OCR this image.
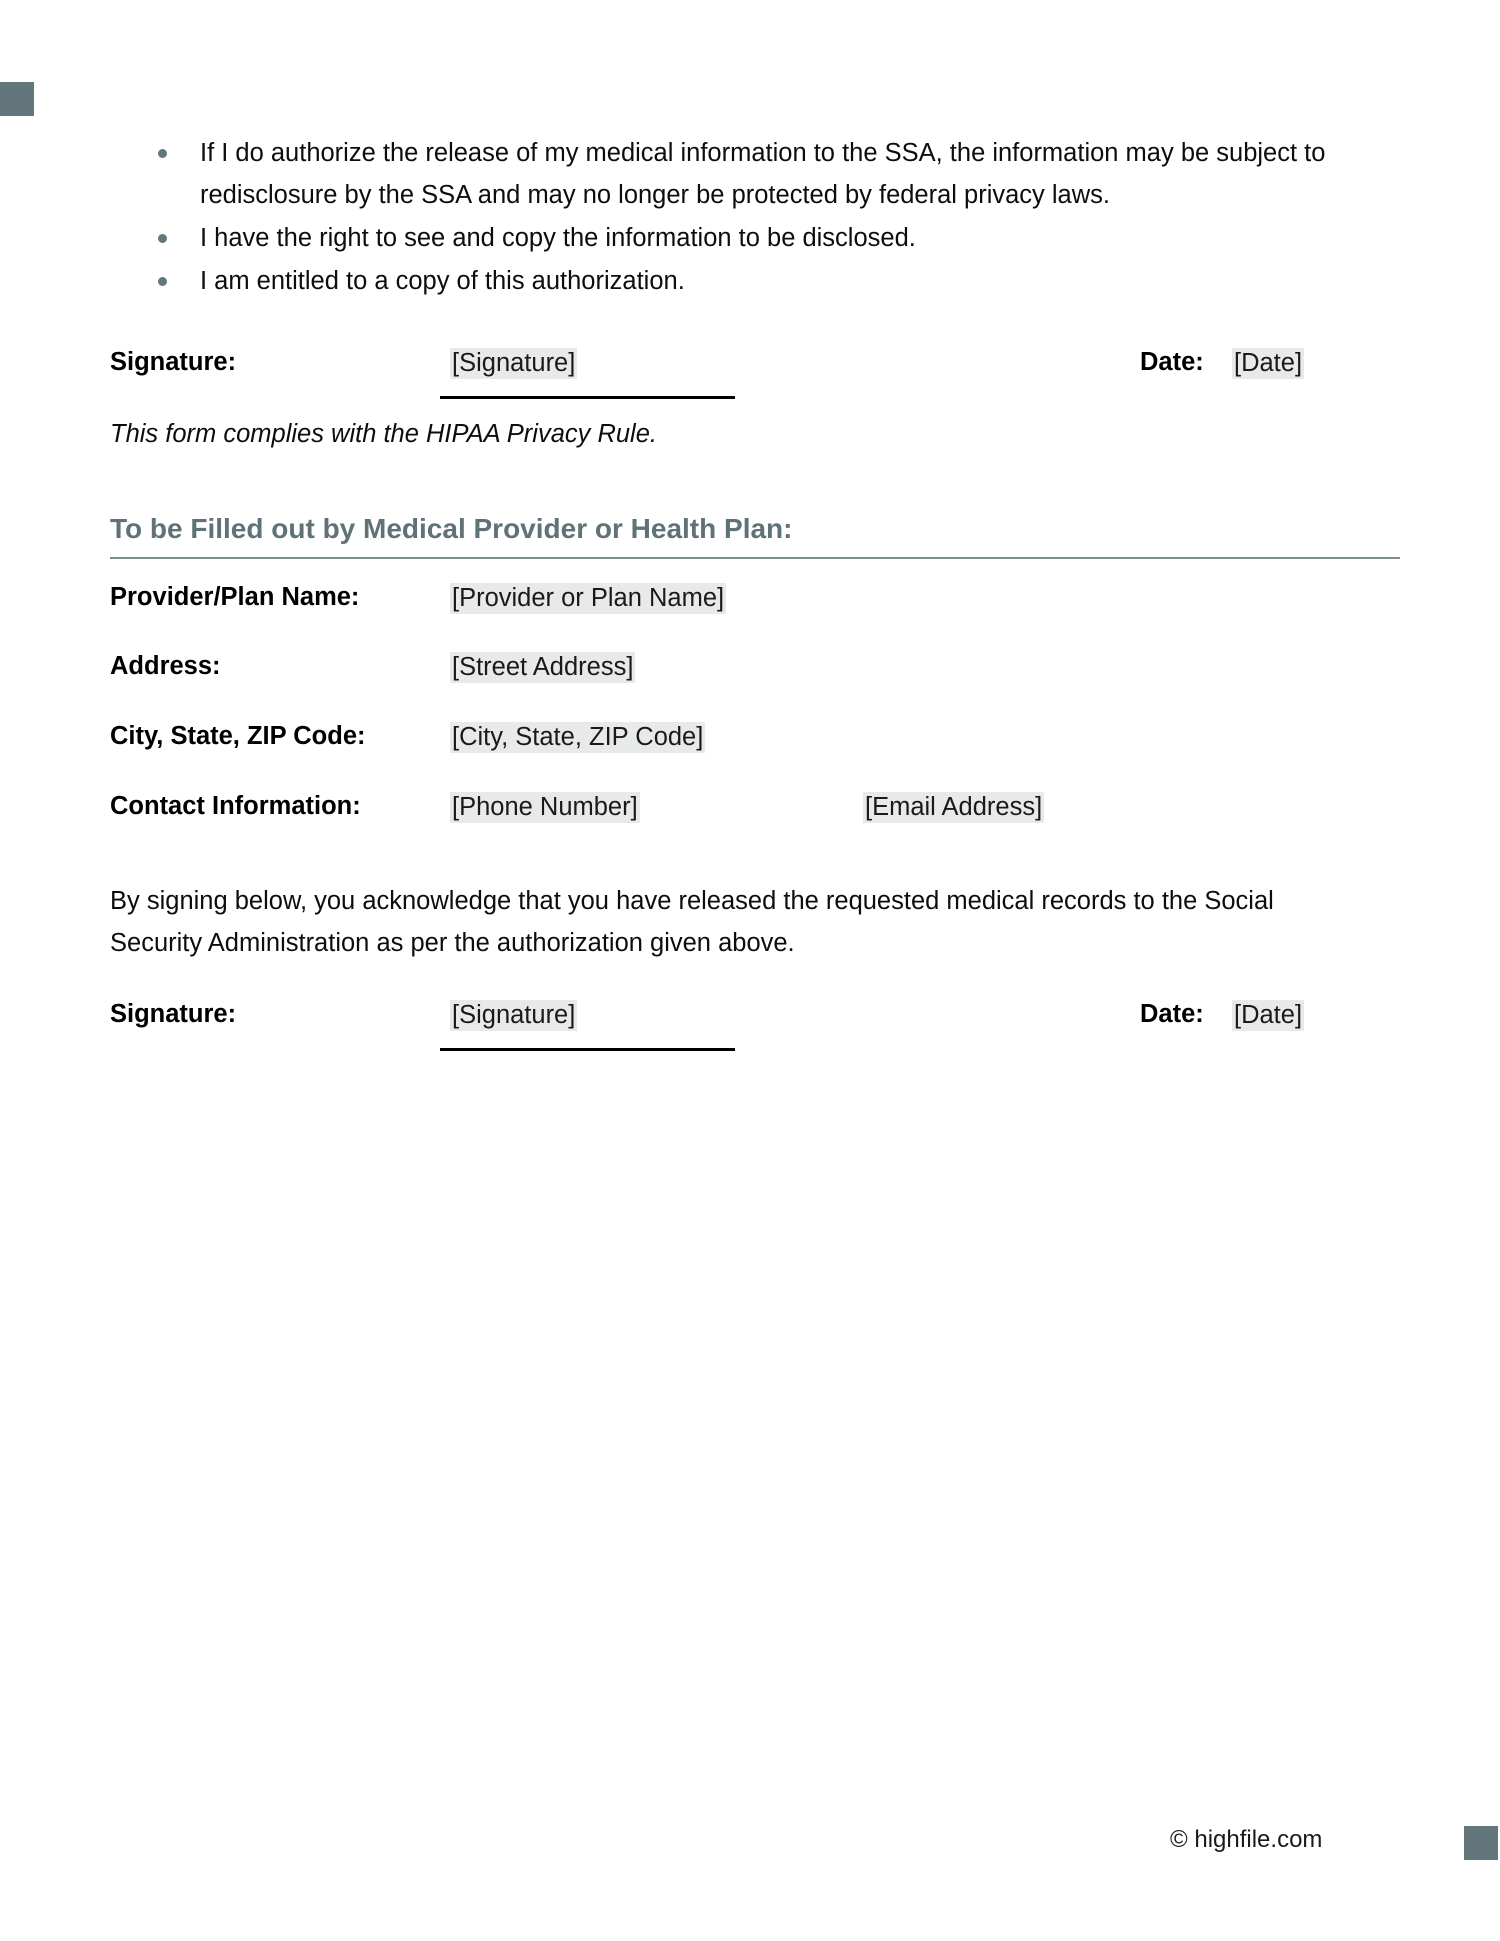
If I do authorize the release of my medical information to the SSA, the information may be subject to redisclosure by the SSA and may no longer be protected by federal privacy laws.
I have the right to see and copy the information to be disclosed.
I am entitled to a copy of this authorization.
Signature:	[Signature]	Date: [Date]
This form complies with the HIPAA Privacy Rule.
To be Filled out by Medical Provider or Health Plan:
Provider/Plan Name:	[Provider or Plan Name]
Address:	[Street Address]
City, State, ZIP Code:	[City, State, ZIP Code]
Contact Information:	[Phone Number]	[Email Address]
By signing below, you acknowledge that you have released the requested medical records to the Social Security Administration as per the authorization given above.
Signature:	[Signature]	Date: [Date]
© highfile.com
